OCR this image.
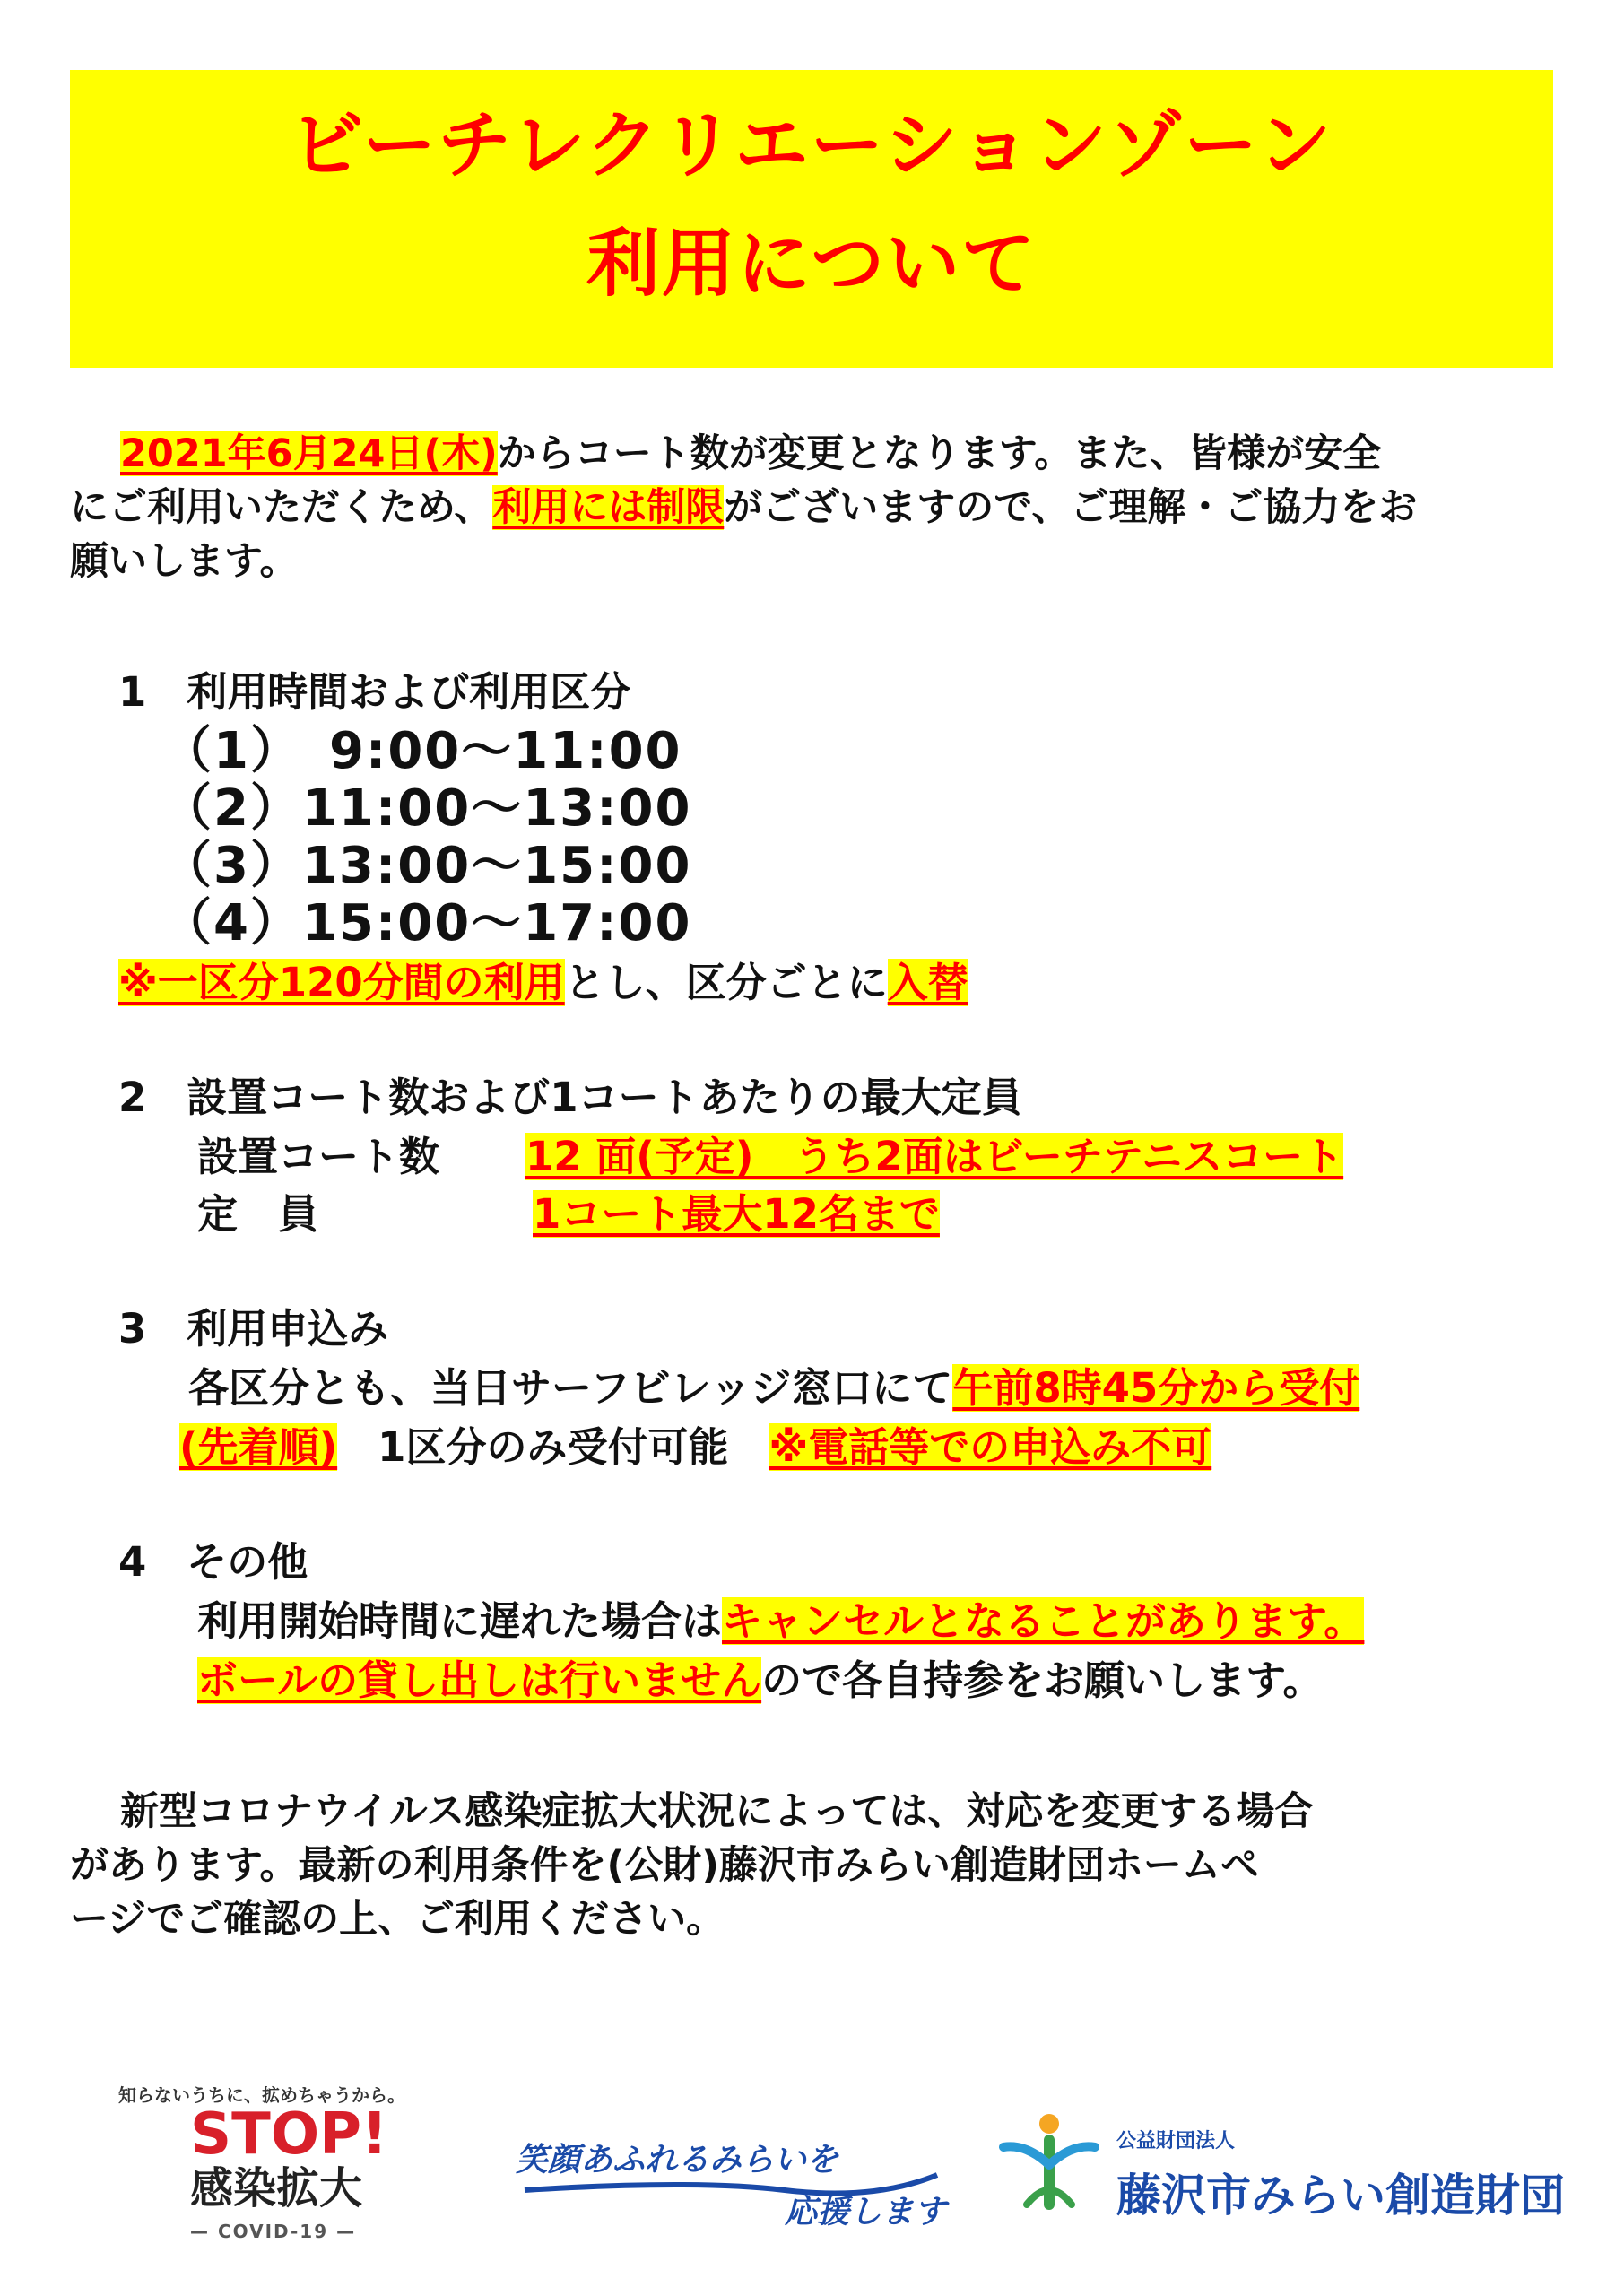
ビーチレクリエーションゾーン
利用について
2021年6月24日(木)からコート数が変更となります。また、皆様が安全
にご利用いただくため、利用には制限がございますので、ご理解・ご協力をお
願いします。
1　利用時間および利用区分
（1）　9:00～11:00
（2）11:00～13:00
（3）13:00～15:00
（4）15:00～17:00
※一区分120分間の利用とし、区分ごとに入替
2　設置コート数および1コートあたりの最大定員
設置コート数 12 面(予定)　うち2面はビーチテニスコート
定　員	1コート最大12名まで
3　利用申込み
各区分とも、当日サーフビレッジ窓口にて午前8時45分から受付
(先着順)　1区分のみ受付可能　※電話等での申込み不可
4　その他
利用開始時間に遅れた場合はキャンセルとなることがあります。
ボールの貸し出しは行いませんので各自持参をお願いします。
新型コロナウイルス感染症拡大状況によっては、対応を変更する場合
があります。最新の利用条件を(公財)藤沢市みらい創造財団ホームペ
ージでご確認の上、ご利用ください。
知らないうちに、拡めちゃうから。
STOP!
感染拡大
— COVID-19 —
笑顔あふれるみらいを
応援します
公益財団法人
藤沢市みらい創造財団
